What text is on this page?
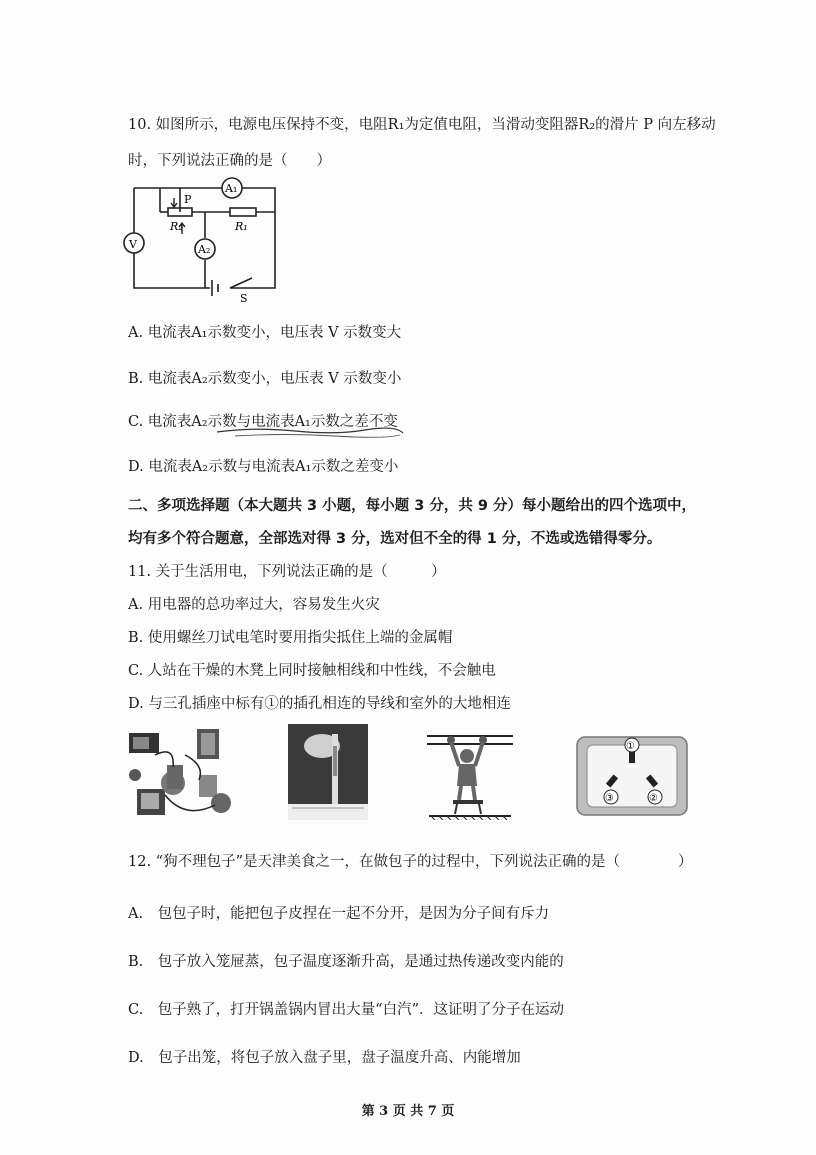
10. 如图所示，电源电压保持不变，电阻R₁为定值电阻，当滑动变阻器R₂的滑片 P 向左移动
时，下列说法正确的是（　　）
A₁
A₂
V
P
R₁
R₂
S
A. 电流表A₁示数变小，电压表 V 示数变大
B. 电流表A₂示数变小，电压表 V 示数变小
C. 电流表A₂示数与电流表A₁示数之差不变
D. 电流表A₂示数与电流表A₁示数之差变小
二、多项选择题（本大题共 3 小题，每小题 3 分，共 9 分）每小题给出的四个选项中，
均有多个符合题意，全部选对得 3 分，选对但不全的得 1 分，不选或选错得零分。
11. 关于生活用电，下列说法正确的是（　　　）
A. 用电器的总功率过大，容易发生火灾
B. 使用螺丝刀试电笔时要用指尖抵住上端的金属帽
C. 人站在干燥的木凳上同时接触相线和中性线，不会触电
D. 与三孔插座中标有①的插孔相连的导线和室外的大地相连
①
③	②
12. “狗不理包子”是天津美食之一，在做包子的过程中，下列说法正确的是（　　　　）
A.　包包子时，能把包子皮捏在一起不分开，是因为分子间有斥力
B.　包子放入笼屉蒸，包子温度逐渐升高，是通过热传递改变内能的
C.　包子熟了，打开锅盖锅内冒出大量“白汽”．这证明了分子在运动
D.　包子出笼，将包子放入盘子里，盘子温度升高、内能增加
第 3 页 共 7 页
